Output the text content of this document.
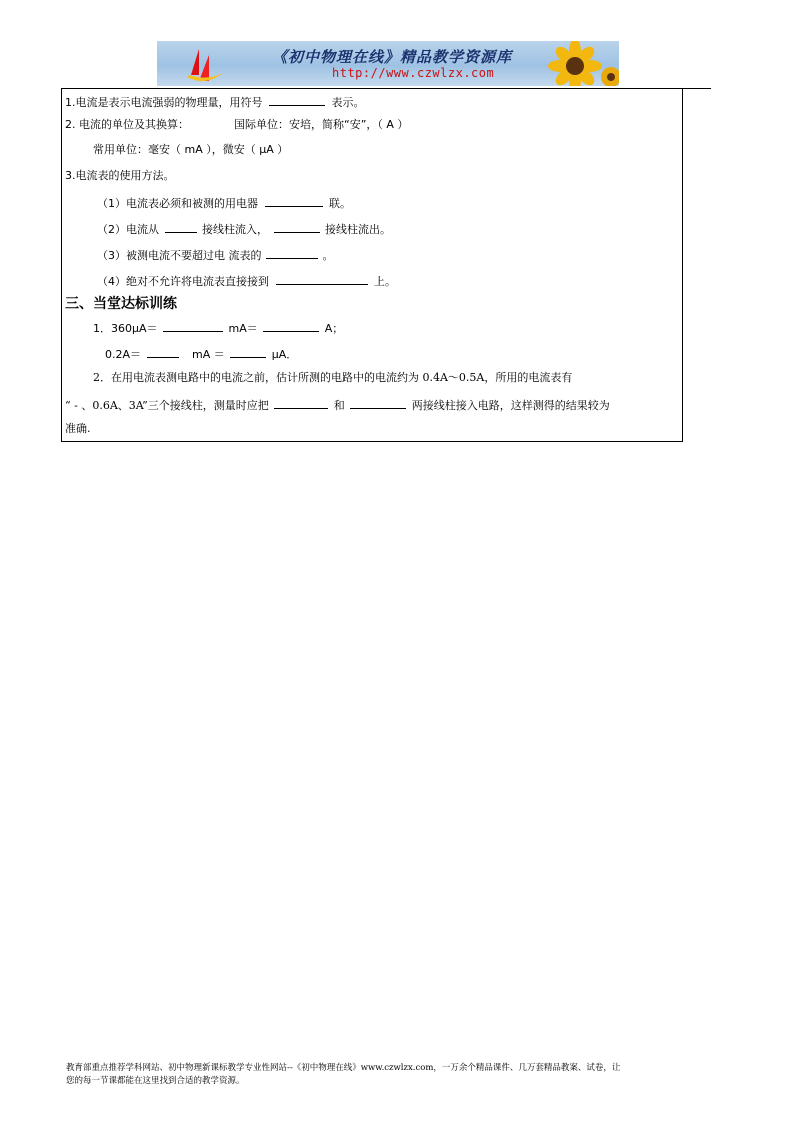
《初中物理在线》精品教学资源库
http://www.czwlzx.com
1.电流是表示电流强弱的物理量，用符号	表示。
2. 电流的单位及其换算：	国际单位：安培，简称“安”，（ A ）
常用单位：毫安（ mA ），微安（ μA ）
3.电流表的使用方法。
（1）电流表必须和被测的用电器	联。
（2）电流从	接线柱流入，	接线柱流出。
（3）被测电流不要超过电 流表的	。
（4）绝对不允许将电流表直接接到	上。
三、当堂达标训练
1．360μA＝	mA＝	A；
0.2A＝	mA ＝	μA．
2．在用电流表测电路中的电流之前，估计所测的电路中的电流约为 0.4A～0.5A，所用的电流表有
“ - 、0.6A、3A”三个接线柱，测量时应把	和	两接线柱接入电路，这样测得的结果较为
准确.
教育部重点推荐学科网站、初中物理新课标教学专业性网站--《初中物理在线》www.czwlzx.com，一万余个精品课件、几万套精品教案、试卷，让
您的每一节课都能在这里找到合适的教学资源。
